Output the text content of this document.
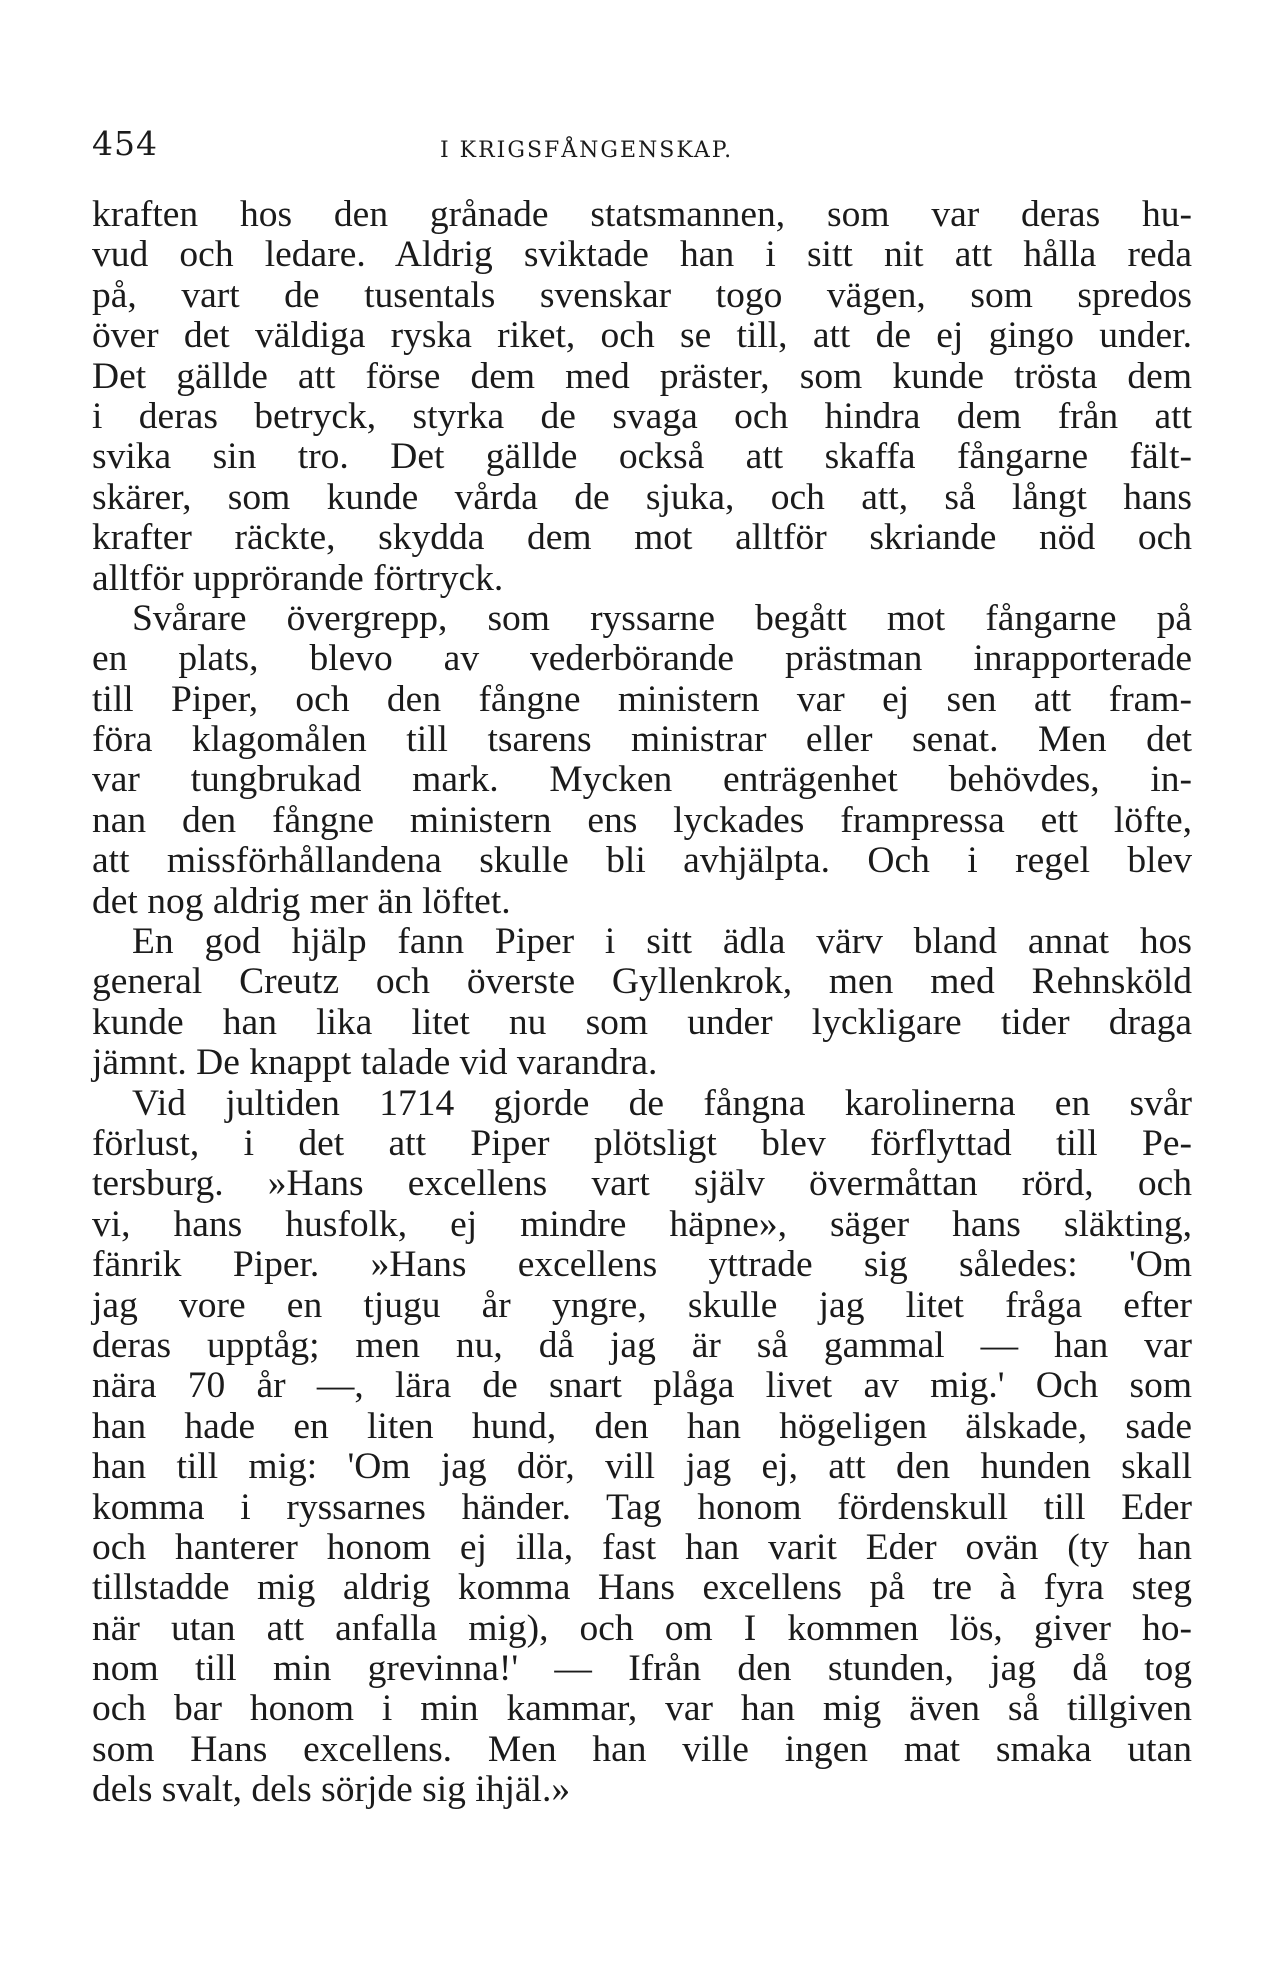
454	I KRIGSFÅNGENSKAP.
kraften hos den grånade statsmannen, som var deras hu-
vud och ledare. Aldrig sviktade han i sitt nit att hålla reda
på, vart de tusentals svenskar togo vägen, som spredos
över det väldiga ryska riket, och se till, att de ej gingo under.
Det gällde att förse dem med präster, som kunde trösta dem
i deras betryck, styrka de svaga och hindra dem från att
svika sin tro. Det gällde också att skaffa fångarne fält-
skärer, som kunde vårda de sjuka, och att, så långt hans
krafter räckte, skydda dem mot alltför skriande nöd och
alltför upprörande förtryck.
Svårare övergrepp, som ryssarne begått mot fångarne på
en plats, blevo av vederbörande prästman inrapporterade
till Piper, och den fångne ministern var ej sen att fram-
föra klagomålen till tsarens ministrar eller senat. Men det
var tungbrukad mark. Mycken enträgenhet behövdes, in-
nan den fångne ministern ens lyckades frampressa ett löfte,
att missförhållandena skulle bli avhjälpta. Och i regel blev
det nog aldrig mer än löftet.
En god hjälp fann Piper i sitt ädla värv bland annat hos
general Creutz och överste Gyllenkrok, men med Rehnsköld
kunde han lika litet nu som under lyckligare tider draga
jämnt. De knappt talade vid varandra.
Vid jultiden 1714 gjorde de fångna karolinerna en svår
förlust, i det att Piper plötsligt blev förflyttad till Pe-
tersburg. »Hans excellens vart själv övermåttan rörd, och
vi, hans husfolk, ej mindre häpne», säger hans släkting,
fänrik Piper. »Hans excellens yttrade sig således: 'Om
jag vore en tjugu år yngre, skulle jag litet fråga efter
deras upptåg; men nu, då jag är så gammal — han var
nära 70 år —, lära de snart plåga livet av mig.' Och som
han hade en liten hund, den han högeligen älskade, sade
han till mig: 'Om jag dör, vill jag ej, att den hunden skall
komma i ryssarnes händer. Tag honom fördenskull till Eder
och hanterer honom ej illa, fast han varit Eder ovän (ty han
tillstadde mig aldrig komma Hans excellens på tre à fyra steg
när utan att anfalla mig), och om I kommen lös, giver ho-
nom till min grevinna!' — Ifrån den stunden, jag då tog
och bar honom i min kammar, var han mig även så tillgiven
som Hans excellens. Men han ville ingen mat smaka utan
dels svalt, dels sörjde sig ihjäl.»
